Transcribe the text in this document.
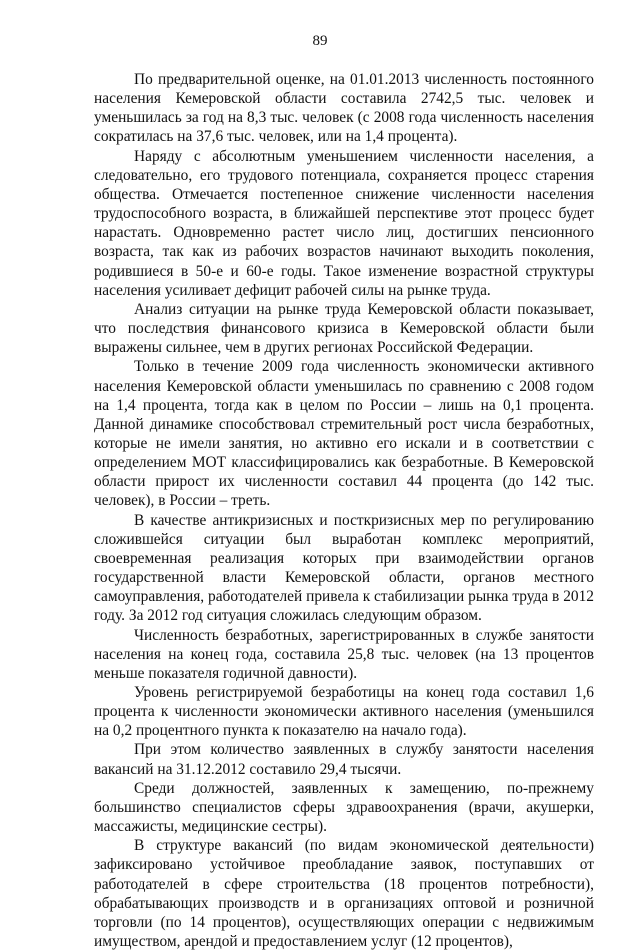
89

По предварительной оценке, на 01.01.2013 численность постоянного населения Кемеровской области составила 2742,5 тыс. человек и уменьшилась за год на 8,3 тыс. человек (с 2008 года численность населения сократилась на 37,6 тыс. человек, или на 1,4 процента).

Наряду с абсолютным уменьшением численности населения, а следовательно, его трудового потенциала, сохраняется процесс старения общества. Отмечается постепенное снижение численности населения трудоспособного возраста, в ближайшей перспективе этот процесс будет нарастать. Одновременно растет число лиц, достигших пенсионного возраста, так как из рабочих возрастов начинают выходить поколения, родившиеся в 50-е и 60-е годы. Такое изменение возрастной структуры населения усиливает дефицит рабочей силы на рынке труда.

Анализ ситуации на рынке труда Кемеровской области показывает, что последствия финансового кризиса в Кемеровской области были выражены сильнее, чем в других регионах Российской Федерации.

Только в течение 2009 года численность экономически активного населения Кемеровской области уменьшилась по сравнению с 2008 годом на 1,4 процента, тогда как в целом по России – лишь на 0,1 процента. Данной динамике способствовал стремительный рост числа безработных, которые не имели занятия, но активно его искали и в соответствии с определением МОТ классифицировались как безработные. В Кемеровской области прирост их численности составил 44 процента (до 142 тыс. человек), в России – треть.

В качестве антикризисных и посткризисных мер по регулированию сложившейся ситуации был выработан комплекс мероприятий, своевременная реализация которых при взаимодействии органов государственной власти Кемеровской области, органов местного самоуправления, работодателей привела к стабилизации рынка труда в 2012 году. За 2012 год ситуация сложилась следующим образом.

Численность безработных, зарегистрированных в службе занятости населения на конец года, составила 25,8 тыс. человек (на 13 процентов меньше показателя годичной давности).

Уровень регистрируемой безработицы на конец года составил 1,6 процента к численности экономически активного населения (уменьшился на 0,2 процентного пункта к показателю на начало года).

При этом количество заявленных в службу занятости населения вакансий на 31.12.2012 составило 29,4 тысячи.

Среди должностей, заявленных к замещению, по-прежнему большинство специалистов сферы здравоохранения (врачи, акушерки, массажисты, медицинские сестры).

В структуре вакансий (по видам экономической деятельности) зафиксировано устойчивое преобладание заявок, поступавших от работодателей в сфере строительства (18 процентов потребности), обрабатывающих производств и в организациях оптовой и розничной торговли (по 14 процентов), осуществляющих операции с недвижимым имуществом, арендой и предоставлением услуг (12 процентов),
